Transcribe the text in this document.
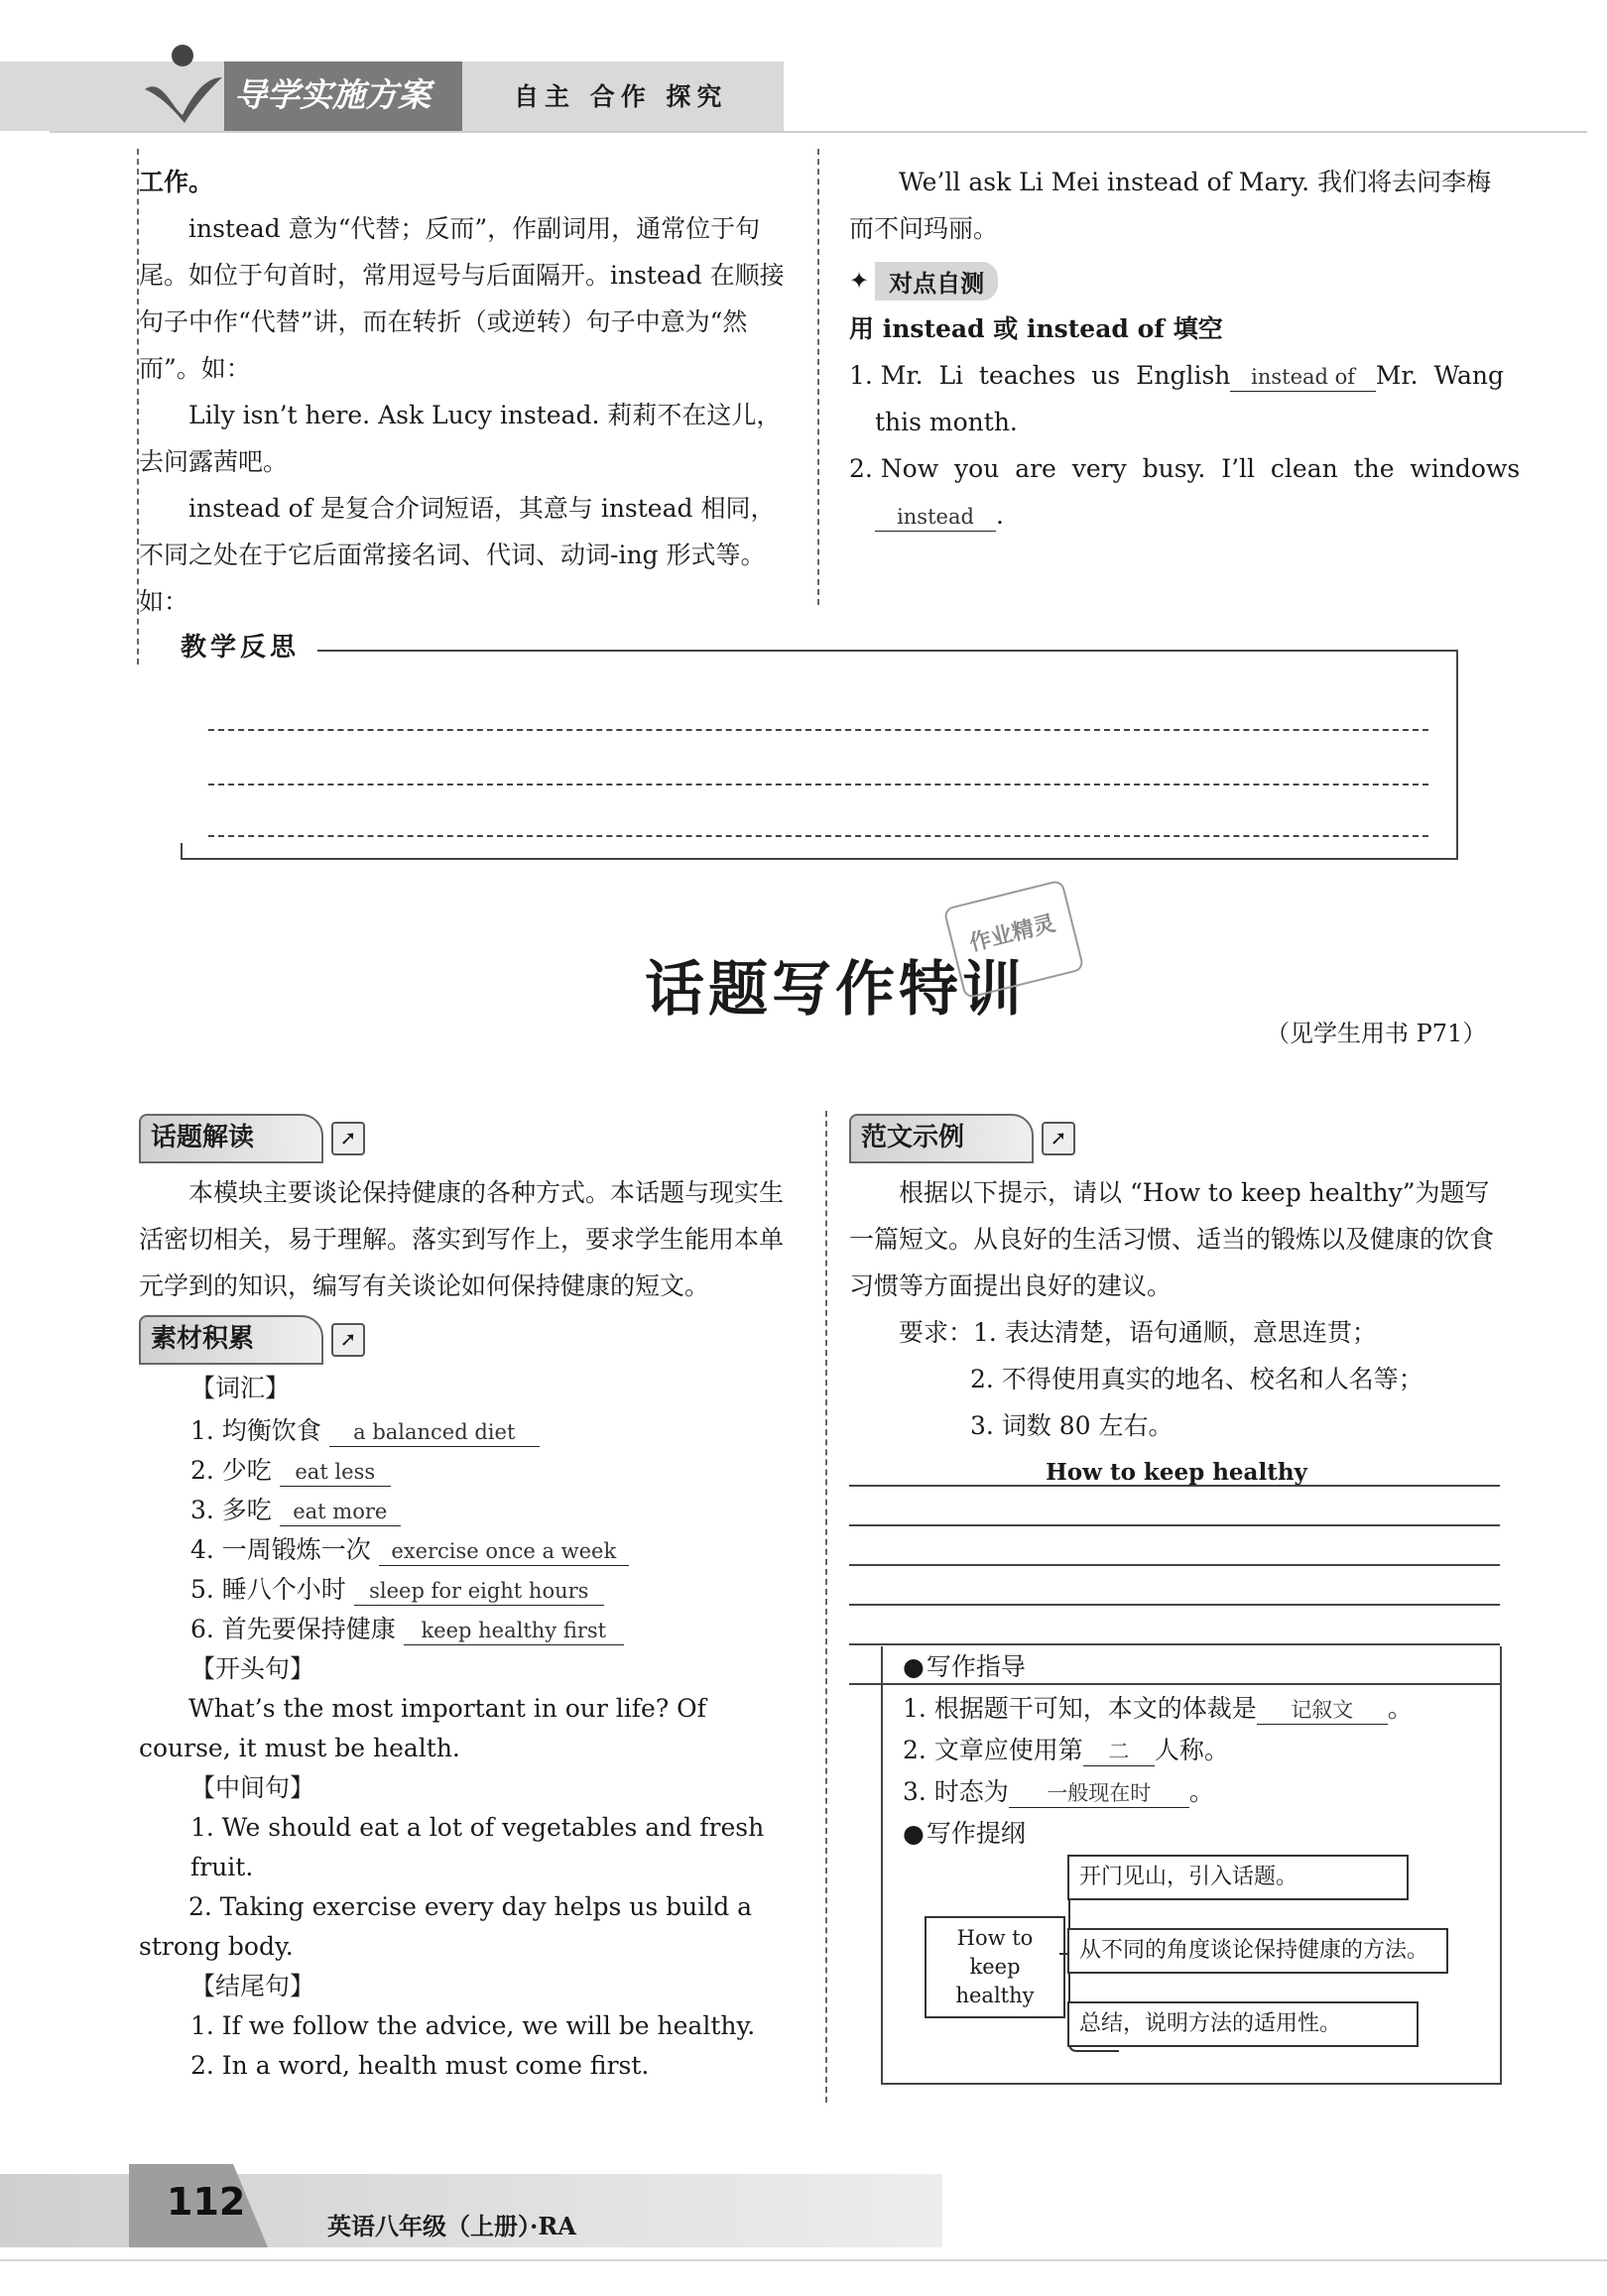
导学实施方案	自主 合作 探究

工作。

instead 意为“代替；反而”，作副词用，通常位于句尾。如位于句首时，常用逗号与后面隔开。instead 在顺接句子中作“代替”讲，而在转折（或逆转）句子中意为“然而”。如：

Lily isn’t here. Ask Lucy instead. 莉莉不在这儿，去问露茜吧。

instead of 是复合介词短语，其意与 instead 相同，不同之处在于它后面常接名词、代词、动词-ing 形式等。如：

We’ll ask Li Mei instead of Mary. 我们将去问李梅而不问玛丽。

✦ 对点自测

用 instead 或 instead of 填空

1. Mr.  Li  teaches  us  English instead of Mr.  Wang

this month.

2. Now  you  are  very  busy.  I’ll  clean  the  windows

instead .

教学反思
话题写作特训
作业精灵
（见学生用书 P71）
话题解读	➚

本模块主要谈论保持健康的各种方式。本话题与现实生活密切相关，易于理解。落实到写作上，要求学生能用本单元学到的知识，编写有关谈论如何保持健康的短文。

素材积累	➚

【词汇】

1. 均衡饮食 a balanced diet

2. 少吃 eat less

3. 多吃 eat more

4. 一周锻炼一次 exercise once a week

5. 睡八个小时 sleep for eight hours

6. 首先要保持健康 keep healthy first

【开头句】

What’s the most important in our life? Of course, it must be health.

【中间句】

1. We should eat a lot of vegetables and fresh fruit.

2. Taking exercise every day helps us build a strong body.

【结尾句】

1. If we follow the advice, we will be healthy.

2. In a word, health must come first.

范文示例	➚

根据以下提示，请以 “How to keep healthy”为题写一篇短文。从良好的生活习惯、适当的锻炼以及健康的饮食习惯等方面提出良好的建议。

要求：1. 表达清楚，语句通顺，意思连贯；

2. 不得使用真实的地名、校名和人名等；

3. 词数 80 左右。

How to keep healthy

● 写作指导

1. 根据题干可知，本文的体裁是 记叙文 。

2. 文章应使用第 二 人称。

3. 时态为 一般现在时 。

● 写作提纲

How to keep healthy
开门见山，引入话题。
从不同的角度谈论保持健康的方法。
总结，说明方法的适用性。
112
英语八年级（上册）·RA
